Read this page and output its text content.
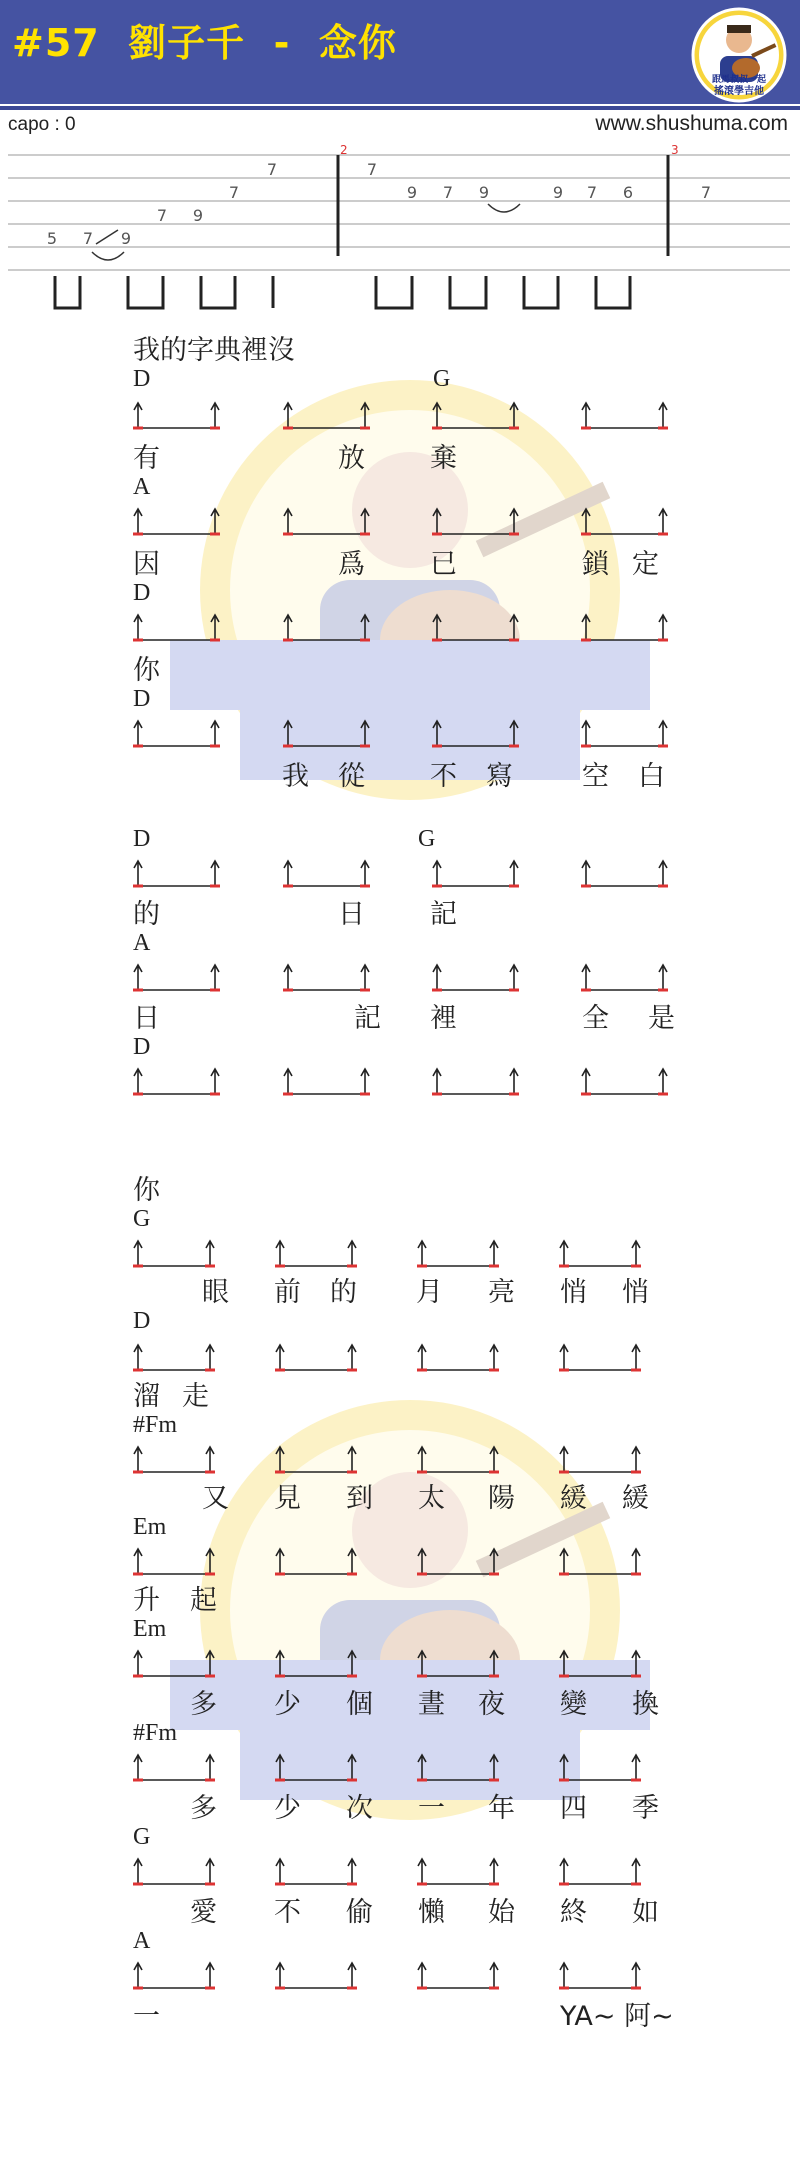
#57  劉子千  -  念你
跟馬叔叔一起
搖滾學吉他
capo : 0	www.shushuma.com
2	3
5 7 9
7 9
7
7	7
9 7 9	9 7 6	7
我的字典裡沒
D	G
有	放 棄
A
因	爲 已	鎖 定
D
你
D
我 從 不 寫	空 白
D	G
的	日 記
A
日	記 裡	全 是
D
你
G
眼 前 的 月 亮 悄 悄
D
溜 走
#Fm
又 見 到 太 陽 緩 緩
Em
升 起
Em
多 少 個 晝 夜 變 換
#Fm
多 少 次 一 年 四 季
G
愛 不 偷 懶 始 終 如
A
一	YA~ 阿~
